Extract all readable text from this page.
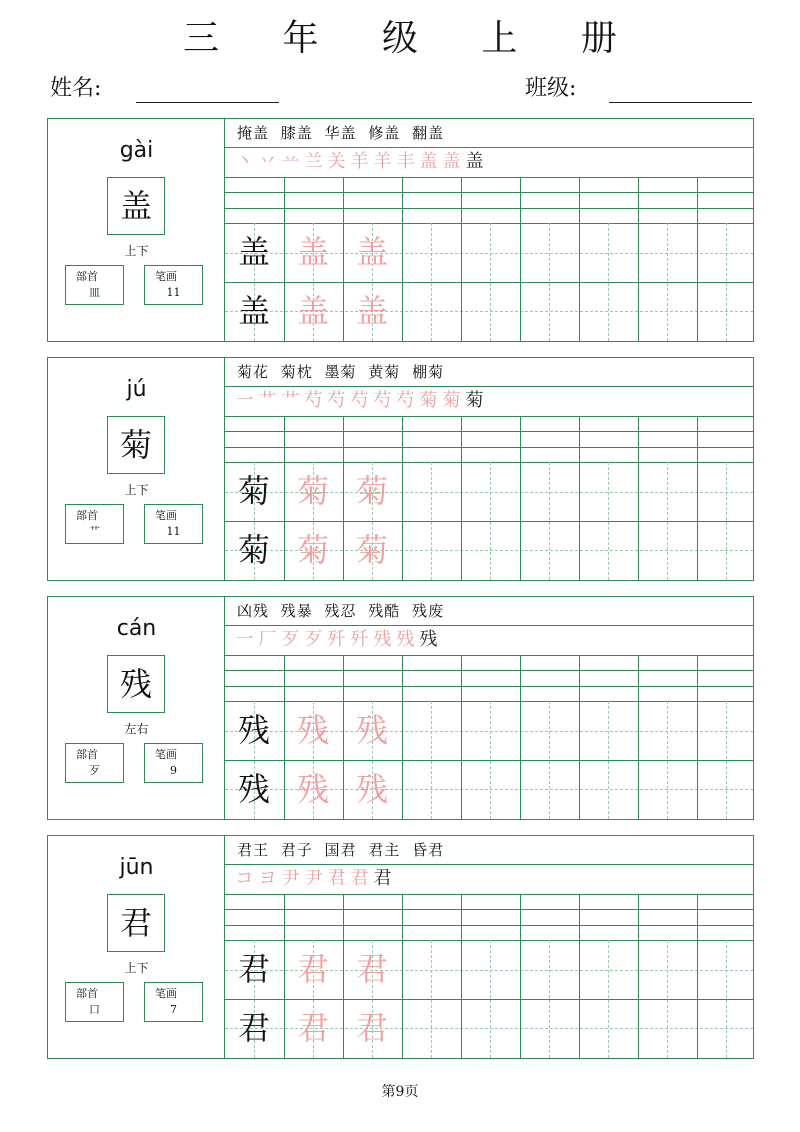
三 年 级 上 册
姓名:	班级:
gài
盖
上下
部首
皿
笔画
11
掩盖 膝盖 华盖 修盖 翻盖
丶 丷 䒑 兰 关 羊 羊 丰 盖 盖 盖
盖 盖 盖
盖 盖 盖
jú
菊
上下
部首
艹
笔画
11
菊花 菊枕 墨菊 黄菊 棚菊
一 艹 艹 芍 芍 芍 芍 芍 菊 菊 菊
菊 菊 菊
菊 菊 菊
cán
残
左右
部首
歹
笔画
9
凶残 残暴 残忍 残酷 残废
一 厂 歹 歹 歼 歼 残 残 残
残 残 残
残 残 残
jūn
君
上下
部首
口
笔画
7
君王 君子 国君 君主 昏君
コ ヨ 尹 尹 君 君 君
君 君 君
君 君 君
第9页
